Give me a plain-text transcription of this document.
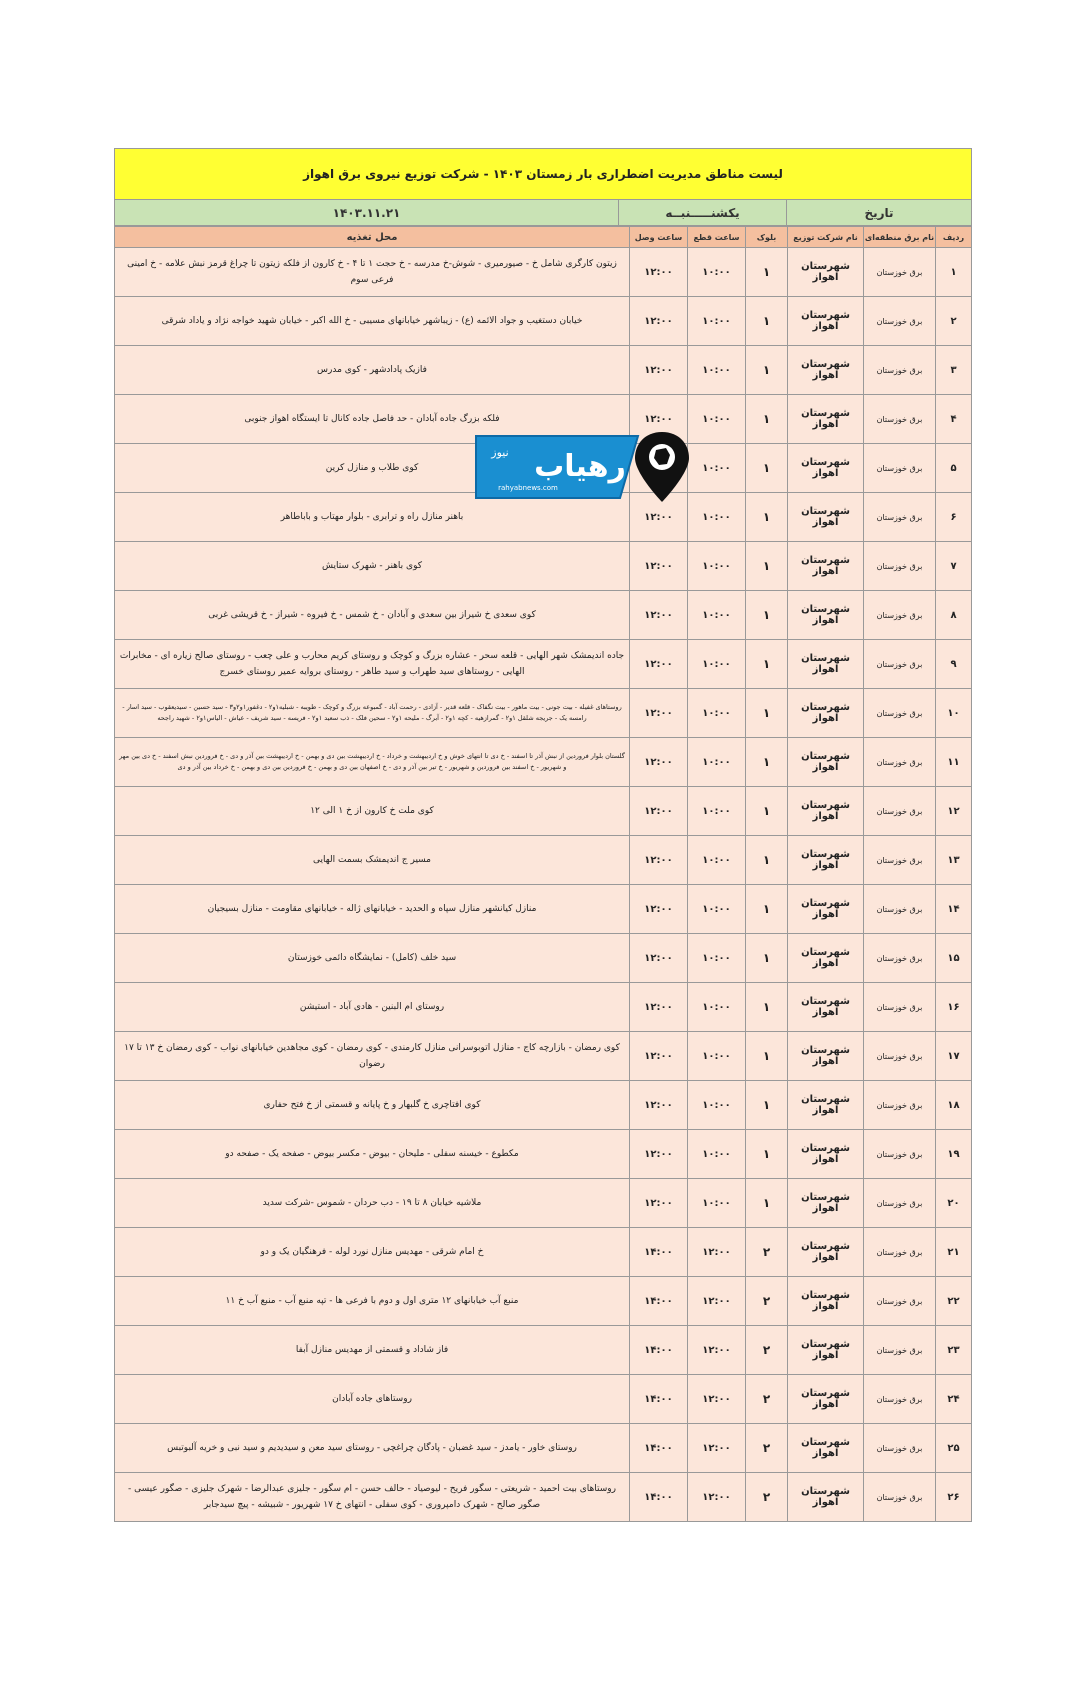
لیست مناطق مدیریت اضطراری بار زمستان ۱۴۰۳ - شرکت توزیع نیروی برق اهواز
تاریخ
یکشنـــــنبــه
۱۴۰۳.۱۱.۲۱
ردیف	نام برق منطقه‌ای	نام شرکت توزیع	بلوک	ساعت قطع	ساعت وصل	محل تغذیه
۱	برق خوزستان	شهرستان اهواز	۱	۱۰:۰۰	۱۲:۰۰	زیتون کارگری شامل خ - صیورمیری - شوش-خ مدرسه - خ حجت ۱ تا ۴ - خ کارون از فلکه زیتون تا چراغ قرمز نبش علامه - خ امینی فرعی سوم
۲	برق خوزستان	شهرستان اهواز	۱	۱۰:۰۰	۱۲:۰۰	خیابان دستغیب و جواد الائمه (ع) - زیباشهر خیابانهای مسیبی - خ الله اکبر - خیابان شهید خواجه نژاد و یاداد شرقی
۳	برق خوزستان	شهرستان اهواز	۱	۱۰:۰۰	۱۲:۰۰	فازیک پادادشهر - کوی مدرس
۴	برق خوزستان	شهرستان اهواز	۱	۱۰:۰۰	۱۲:۰۰	فلکه بزرگ جاده آبادان - حد فاصل جاده کانال تا ایستگاه اهواز جنوبی
۵	برق خوزستان	شهرستان اهواز	۱	۱۰:۰۰		کوی طلاب و منازل کرین
۶	برق خوزستان	شهرستان اهواز	۱	۱۰:۰۰	۱۲:۰۰	باهنر منازل راه و ترابری - بلوار مهتاب و باباطاهر
۷	برق خوزستان	شهرستان اهواز	۱	۱۰:۰۰	۱۲:۰۰	کوی باهنر - شهرک ستایش
۸	برق خوزستان	شهرستان اهواز	۱	۱۰:۰۰	۱۲:۰۰	کوی سعدی خ شیراز بین سعدی و آبادان - خ شمس - خ فیروه - شیراز - خ قریشی غربی
۹	برق خوزستان	شهرستان اهواز	۱	۱۰:۰۰	۱۲:۰۰	جاده اندیمشک شهر الهایی - قلعه سحر - عشاره بزرگ و کوچک و روستای کریم محارب و علی چعب - روستای صالح زیاره ای - مخابرات الهایی - روستاهای سید طهراب و سید طاهر - روستای بروایه عمیر روستای خسرج
۱۰	برق خوزستان	شهرستان اهواز	۱	۱۰:۰۰	۱۲:۰۰	روستاهای غفیله - بیت جونی - بیت ماهور - بیت نگفاک - قلعه قدیر - آزادی - رحمت آباد - گمبوعه بزرگ و کوچک - طویبه - شبلیه۱و۲ - دغفور۱و۲و۳ - سید حسین - سیدیعقوب - سید اسار - رامسه یک - جریجه شلقل ۱و۲ - گمرازهیه - کچه ۱و۲ - آبرگ - ملیحه ۱و۲ - سحین فلک - ذب سعید ۱و۲ - فریسه - سید شریف - عیاش - الیاس۱و۲ - شهید راجحه
۱۱	برق خوزستان	شهرستان اهواز	۱	۱۰:۰۰	۱۲:۰۰	گلستان بلوار فروردین از نبش آذر تا اسفند - خ دی تا انتهای خوش و خ اردیبهشت و خرداد - خ اردیبهشت بین دی و بهمن - خ اردیبهشت بین آذر و دی - خ فروردین نبش اسفند - خ دی بین مهر و شهریور - خ اسفند بین فروردین و شهریور - خ تیر بین آذر و دی - خ اصفهان بین دی و بهمن - خ فروردین بین دی و بهمن - خ خرداد بین آذر و دی
۱۲	برق خوزستان	شهرستان اهواز	۱	۱۰:۰۰	۱۲:۰۰	کوی ملت خ کارون از خ ۱ الی ۱۲
۱۳	برق خوزستان	شهرستان اهواز	۱	۱۰:۰۰	۱۲:۰۰	مسیر ج اندیمشک بسمت الهایی
۱۴	برق خوزستان	شهرستان اهواز	۱	۱۰:۰۰	۱۲:۰۰	منازل کیانشهر منازل سپاه و الحدید - خیابانهای ژاله - خیابانهای مقاومت - منازل بسیجیان
۱۵	برق خوزستان	شهرستان اهواز	۱	۱۰:۰۰	۱۲:۰۰	سید خلف (کامل) - نمایشگاه دائمی خوزستان
۱۶	برق خوزستان	شهرستان اهواز	۱	۱۰:۰۰	۱۲:۰۰	روستای ام البنین - هادی آباد - استیشن
۱۷	برق خوزستان	شهرستان اهواز	۱	۱۰:۰۰	۱۲:۰۰	کوی رمضان - بازارچه کاج - منازل اتوبوسرانی منازل کارمندی - کوی رمضان - کوی مجاهدین خیابانهای نواب - کوی رمضان خ ۱۳ تا ۱۷ رضوان
۱۸	برق خوزستان	شهرستان اهواز	۱	۱۰:۰۰	۱۲:۰۰	کوی افتاچری خ گلبهار و خ پایانه و قسمتی از خ فتح حفاری
۱۹	برق خوزستان	شهرستان اهواز	۱	۱۰:۰۰	۱۲:۰۰	مکطوع - خیسنه سفلی - ملیحان - بیوض - مکسر بیوض - صفحه یک - صفحه دو
۲۰	برق خوزستان	شهرستان اهواز	۱	۱۰:۰۰	۱۲:۰۰	ملاشیه خیابان ۸ تا ۱۹ - دب حردان - شموس -شرکت سدید
۲۱	برق خوزستان	شهرستان اهواز	۲	۱۲:۰۰	۱۴:۰۰	خ امام شرقی - مهدیس منازل نورد لوله - فرهنگیان یک و دو
۲۲	برق خوزستان	شهرستان اهواز	۲	۱۲:۰۰	۱۴:۰۰	منبع آب خیابانهای ۱۲ متری اول و دوم با فرعی ها - تپه منبع آب - منبع آب خ ۱۱
۲۳	برق خوزستان	شهرستان اهواز	۲	۱۲:۰۰	۱۴:۰۰	فاز شاداد و قسمتی از مهدیس منازل آبفا
۲۴	برق خوزستان	شهرستان اهواز	۲	۱۲:۰۰	۱۴:۰۰	روستاهای جاده آبادان
۲۵	برق خوزستان	شهرستان اهواز	۲	۱۲:۰۰	۱۴:۰۰	روستای خاور - یامدز - سید غضبان - پادگان چراغچی - روستای سید معن و سیدیدیم و سید نبی و خریه آلبوتبس
۲۶	برق خوزستان	شهرستان اهواز	۲	۱۲:۰۰	۱۴:۰۰	روستاهای بیت احمید - شریعتی - سگور فریح - لیوصیاد - حالف حسن - ام سگور - جلیزی عبدالرضا - شهرک جلیزی - صگور عیسی - صگور صالح - شهرک دامپروری - کوی سفلی - انتهای خ ۱۷ شهریور - شبیشه - پیچ سیدجابر
رهیاب
نیوز
rahyabnews.com
